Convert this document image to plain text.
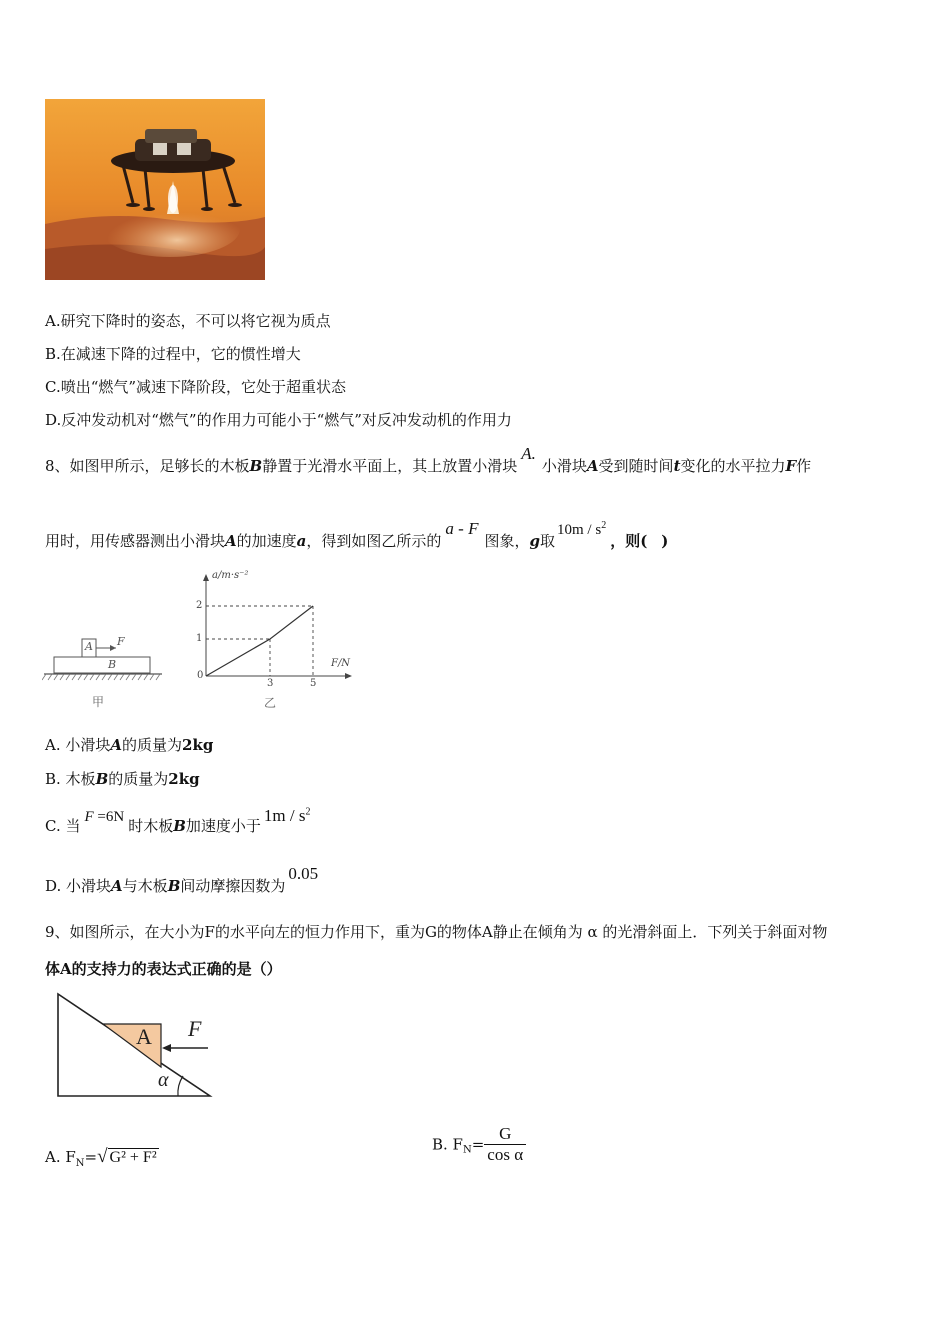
A.研究下降时的姿态，不可以将它视为质点
B.在减速下降的过程中，它的惯性增大
C.喷出“燃气”减速下降阶段，它处于超重状态
D.反冲发动机对“燃气”的作用力可能小于“燃气”对反冲发动机的作用力
8、如图甲所示，足够长的木板B静置于光滑水平面上，其上放置小滑块A.小滑块A受到随时间t变化的水平拉力F作
用时，用传感器测出小滑块A的加速度a，得到如图乙所示的a - F图象，g取$10m / s^2$，则( )
A
B
F
甲
a/m·s⁻²
F/N
0
1
2
3	5
乙
A. 小滑块A的质量为2kg
B. 木板B的质量为2kg
C. 当 F =6N 时木板B加速度小于$1m / s^2$
D. 小滑块A与木板B间动摩擦因数为0.05
9、如图所示，在大小为F的水平向左的恒力作用下，重为G的物体A静止在倾角为 α 的光滑斜面上．下列关于斜面对物
体A的支持力的表达式正确的是（）
A F
α
A. $F_N=√$ G² + F²
B. $F_N= \frac{G}{\text{cos α}}$
